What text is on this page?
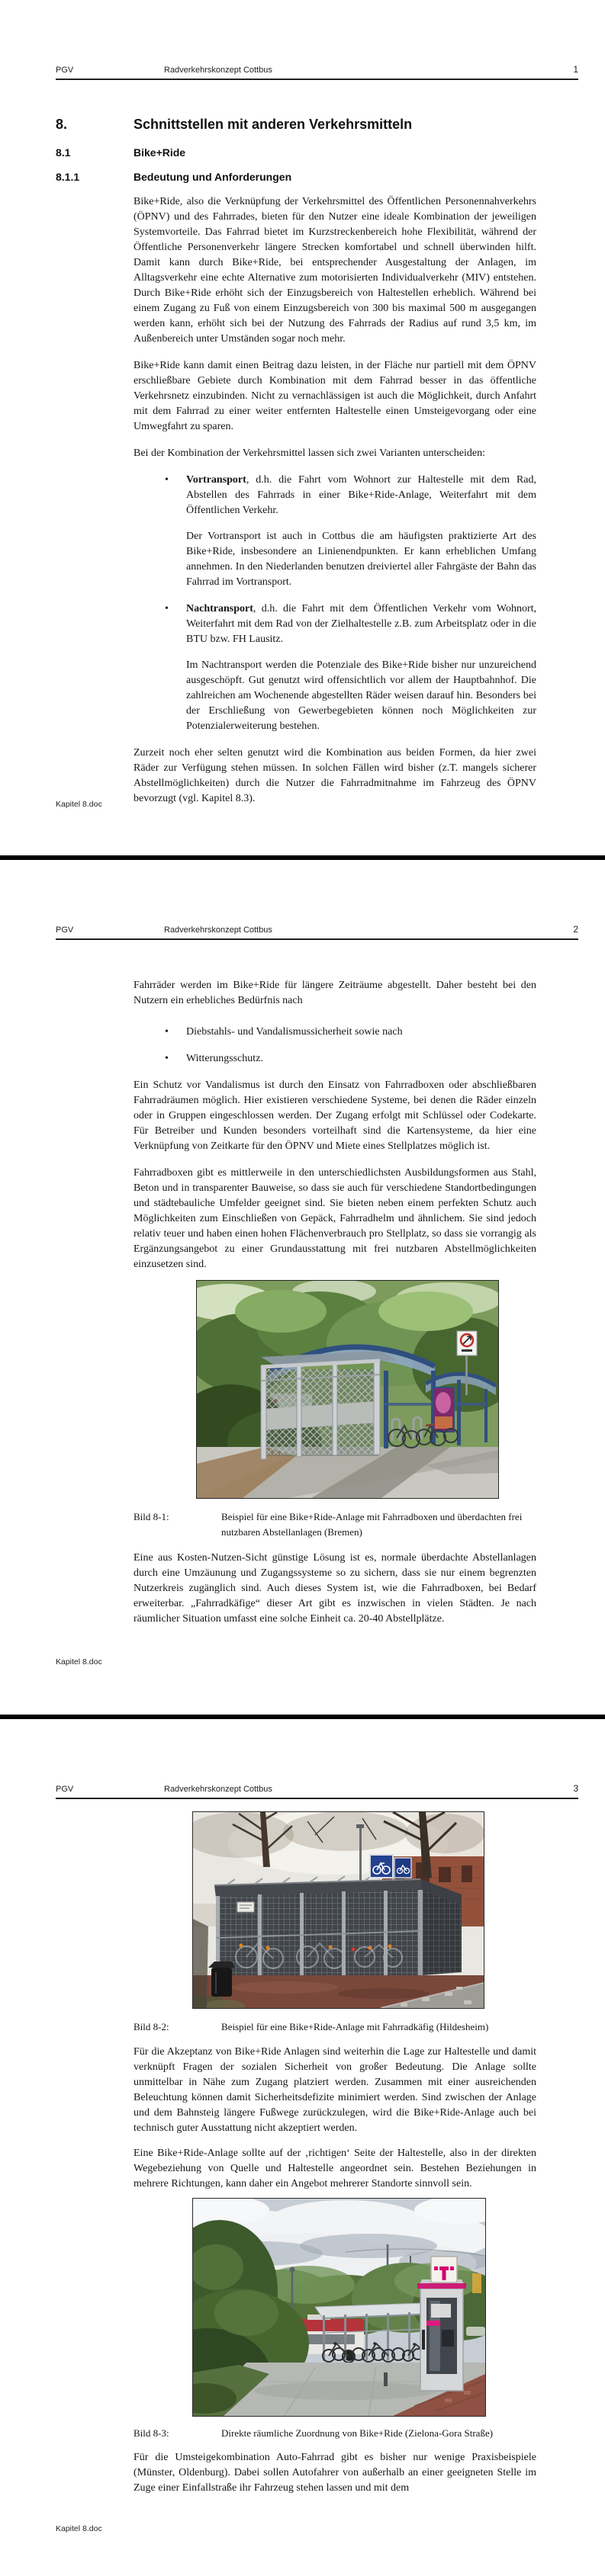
PGV	Radverkehrskonzept Cottbus	1
8.	Schnittstellen mit anderen Verkehrsmitteln
8.1	Bike+Ride
8.1.1	Bedeutung und Anforderungen
Bike+Ride, also die Verknüpfung der Verkehrsmittel des Öffentlichen Personennahverkehrs (ÖPNV) und des Fahrrades, bieten für den Nutzer eine ideale Kombination der jeweiligen Systemvorteile. Das Fahrrad bietet im Kurzstreckenbereich hohe Flexibilität, während der Öffentliche Personenverkehr längere Strecken komfortabel und schnell überwinden hilft. Damit kann durch Bike+Ride, bei entsprechender Ausgestaltung der Anlagen, im Alltagsverkehr eine echte Alternative zum motorisierten Individualverkehr (MIV) entstehen. Durch Bike+Ride erhöht sich der Einzugsbereich von Haltestellen erheblich. Während bei einem Zugang zu Fuß von einem Einzugsbereich von 300 bis maximal 500 m ausgegangen werden kann, erhöht sich bei der Nutzung des Fahrrads der Radius auf rund 3,5 km, im Außenbereich unter Umständen sogar noch mehr.
Bike+Ride kann damit einen Beitrag dazu leisten, in der Fläche nur partiell mit dem ÖPNV erschließbare Gebiete durch Kombination mit dem Fahrrad besser in das öffentliche Verkehrsnetz einzubinden. Nicht zu vernachlässigen ist auch die Möglichkeit, durch Anfahrt mit dem Fahrrad zu einer weiter entfernten Haltestelle einen Umsteigevorgang oder eine Umwegfahrt zu sparen.
Bei der Kombination der Verkehrsmittel lassen sich zwei Varianten unterscheiden:
•	Vortransport, d.h. die Fahrt vom Wohnort zur Haltestelle mit dem Rad, Abstellen des Fahrrads in einer Bike+Ride-Anlage, Weiterfahrt mit dem Öffentlichen Verkehr.
Der Vortransport ist auch in Cottbus die am häufigsten praktizierte Art des Bike+Ride, insbesondere an Linienendpunkten. Er kann erheblichen Umfang annehmen. In den Niederlanden benutzen dreiviertel aller Fahrgäste der Bahn das Fahrrad im Vortransport.
•	Nachtransport, d.h. die Fahrt mit dem Öffentlichen Verkehr vom Wohnort, Weiterfahrt mit dem Rad von der Zielhaltestelle z.B. zum Arbeitsplatz oder in die BTU bzw. FH Lausitz.
Im Nachtransport werden die Potenziale des Bike+Ride bisher nur unzureichend ausgeschöpft. Gut genutzt wird offensichtlich vor allem der Hauptbahnhof. Die zahlreichen am Wochenende abgestellten Räder weisen darauf hin. Besonders bei der Erschließung von Gewerbegebieten können noch Möglichkeiten zur Potenzialerweiterung bestehen.
Zurzeit noch eher selten genutzt wird die Kombination aus beiden Formen, da hier zwei Räder zur Verfügung stehen müssen. In solchen Fällen wird bisher (z.T. mangels sicherer Abstellmöglichkeiten) durch die Nutzer die Fahrradmitnahme im Fahrzeug des ÖPNV bevorzugt (vgl. Kapitel 8.3).
Kapitel 8.doc
PGV	Radverkehrskonzept Cottbus	2
Fahrräder werden im Bike+Ride für längere Zeiträume abgestellt. Daher besteht bei den Nutzern ein erhebliches Bedürfnis nach
•	Diebstahls- und Vandalismussicherheit sowie nach
•	Witterungsschutz.
Ein Schutz vor Vandalismus ist durch den Einsatz von Fahrradboxen oder abschließbaren Fahrradräumen möglich. Hier existieren verschiedene Systeme, bei denen die Räder einzeln oder in Gruppen eingeschlossen werden. Der Zugang erfolgt mit Schlüssel oder Codekarte. Für Betreiber und Kunden besonders vorteilhaft sind die Kartensysteme, da hier eine Verknüpfung von Zeitkarte für den ÖPNV und Miete eines Stellplatzes möglich ist.
Fahrradboxen gibt es mittlerweile in den unterschiedlichsten Ausbildungsformen aus Stahl, Beton und in transparenter Bauweise, so dass sie auch für verschiedene Standortbedingungen und städtebauliche Umfelder geeignet sind. Sie bieten neben einem perfekten Schutz auch Möglichkeiten zum Einschließen von Gepäck, Fahrradhelm und ähnlichem. Sie sind jedoch relativ teuer und haben einen hohen Flächenverbrauch pro Stellplatz, so dass sie vorrangig als Ergänzungsangebot zu einer Grundausstattung mit frei nutzbaren Abstellmöglichkeiten einzusetzen sind.
Bild 8-1:	Beispiel für eine Bike+Ride-Anlage mit Fahrradboxen und überdachten frei nutzbaren Abstellanlagen (Bremen)
Eine aus Kosten-Nutzen-Sicht günstige Lösung ist es, normale überdachte Abstellanlagen durch eine Umzäunung und Zugangssysteme so zu sichern, dass sie nur einem begrenzten Nutzerkreis zugänglich sind. Auch dieses System ist, wie die Fahrradboxen, bei Bedarf erweiterbar. „Fahrradkäfige“ dieser Art gibt es inzwischen in vielen Städten. Je nach räumlicher Situation umfasst eine solche Einheit ca. 20-40 Abstellplätze.
Kapitel 8.doc
PGV	Radverkehrskonzept Cottbus	3
Bild 8-2:	Beispiel für eine Bike+Ride-Anlage mit Fahrradkäfig (Hildesheim)
Für die Akzeptanz von Bike+Ride Anlagen sind weiterhin die Lage zur Haltestelle und damit verknüpft Fragen der sozialen Sicherheit von großer Bedeutung. Die Anlage sollte unmittelbar in Nähe zum Zugang platziert werden. Zusammen mit einer ausreichenden Beleuchtung können damit Sicherheitsdefizite minimiert werden. Sind zwischen der Anlage und dem Bahnsteig längere Fußwege zurückzulegen, wird die Bike+Ride-Anlage auch bei technisch guter Ausstattung nicht akzeptiert werden.
Eine Bike+Ride-Anlage sollte auf der ‚richtigen‘ Seite der Haltestelle, also in der direkten Wegebeziehung von Quelle und Haltestelle angeordnet sein. Bestehen Beziehungen in mehrere Richtungen, kann daher ein Angebot mehrerer Standorte sinnvoll sein.
Bild 8-3:	Direkte räumliche Zuordnung von Bike+Ride (Zielona-Gora Straße)
Für die Umsteigekombination Auto-Fahrrad gibt es bisher nur wenige Praxisbeispiele (Münster, Oldenburg). Dabei sollen Autofahrer von außerhalb an einer geeigneten Stelle im Zuge einer Einfallstraße ihr Fahrzeug stehen lassen und mit dem
Kapitel 8.doc
